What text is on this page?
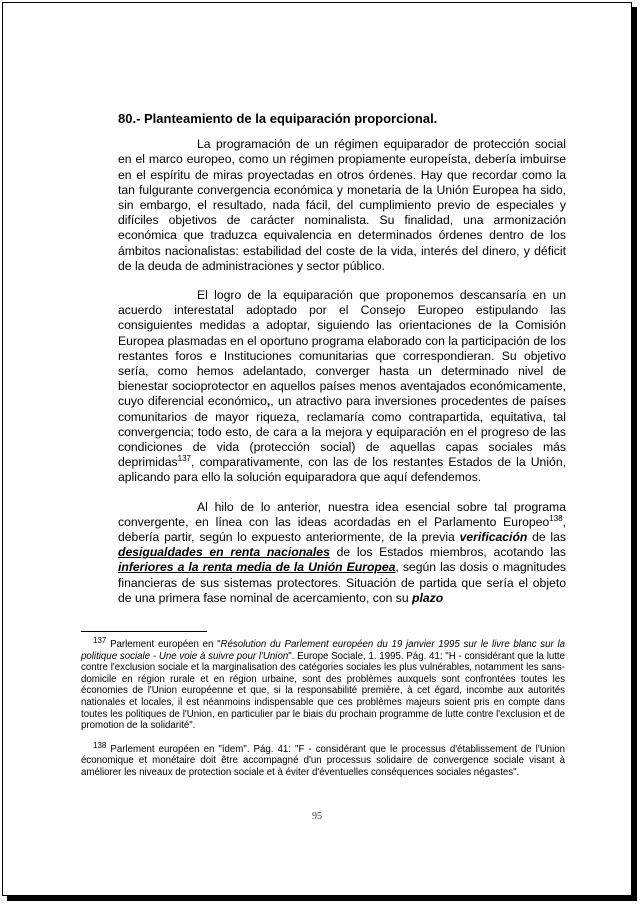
80.- Planteamiento de la equiparación proporcional.

La programación de un régimen equiparador de protección social en el marco europeo, como un régimen propiamente europeísta, debería imbuirse en el espíritu de miras proyectadas en otros órdenes. Hay que recordar como la tan fulgurante convergencia económica y monetaria de la Unión Europea ha sido, sin embargo, el resultado, nada fácil, del cumplimiento previo de especiales y difíciles objetivos de carácter nominalista. Su finalidad, una armonización económica que traduzca equivalencia en determinados órdenes dentro de los ámbitos nacionalistas: estabilidad del coste de la vida, interés del dinero, y déficit de la deuda de administraciones y sector público.

El logro de la equiparación que proponemos descansaría en un acuerdo interestatal adoptado por el Consejo Europeo estipulando las consiguientes medidas a adoptar, siguiendo las orientaciones de la Comisión Europea plasmadas en el oportuno programa elaborado con la participación de los restantes foros e Instituciones comunitarias que correspondieran. Su objetivo sería, como hemos adelantado, converger hasta un determinado nivel de bienestar socioprotector en aquellos países menos aventajados económicamente, cuyo diferencial económico,, un atractivo para inversiones procedentes de países comunitarios de mayor riqueza, reclamaría como contrapartida, equitativa, tal convergencia; todo esto, de cara a la mejora y equiparación en el progreso de las condiciones de vida (protección social) de aquellas capas sociales más deprimidas$^{137}$, comparativamente, con las de los restantes Estados de la Unión, aplicando para ello la solución equiparadora que aquí defendemos.

Al hilo de lo anterior, nuestra idea esencial sobre tal programa convergente, en línea con las ideas acordadas en el Parlamento Europeo$^{138}$, debería partir, según lo expuesto anteriormente, de la previa verificación de las desigualdades en renta nacionales de los Estados miembros, acotando las inferiores a la renta media de la Unión Europea, según las dosis o magnitudes financieras de sus sistemas protectores. Situación de partida que sería el objeto de una primera fase nominal de acercamiento, con su plazo

$^{137}$ Parlement européen en "Résolution du Parlement européen du 19 janvier 1995 sur le livre blanc sur la politique sociale - Une voie à suivre pour l'Union". Europe Sociale, 1. 1995. Pág. 41: "H - considérant que la lutte contre l'exclusion sociale et la marginalisation des catégories sociales les plus vulnérables, notamment les sans-domicile en région rurale et en région urbaine, sont des problèmes auxquels sont confrontées toutes les économies de l'Union européenne et que, si la responsabilité première, à cet égard, incombe aux autorités nationales et locales, il est néanmoins indispensable que ces problèmes majeurs soient pris en compte dans toutes les politiques de l'Union, en particulier par le biais du prochain programme de lutte contre l'exclusion et de promotion de la solidarité".

$^{138}$ Parlement européen en "ídem". Pág. 41: "F - considérant que le processus d'établissement de l'Union économique et monétaire doit être accompagné d'un processus solidaire de convergence sociale visant à améliorer les niveaux de protection sociale et à éviter d'éventuelles conséquences sociales négastes".

95
